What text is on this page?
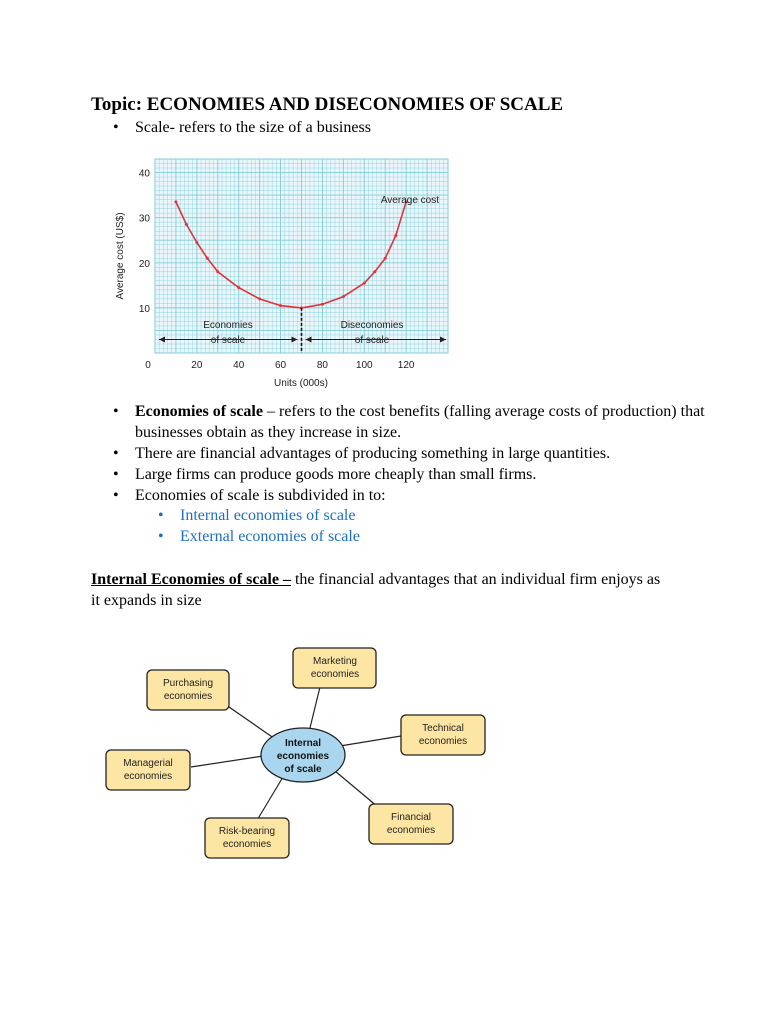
Topic: ECONOMIES AND DISECONOMIES OF SCALE
• Scale- refers to the size of a business
0	20	40	60	80	100	120
10
20
30
40
Average cost (US$)
Units (000s)
Average cost
Economies
of scale
Diseconomies
of scale
• Economies of scale – refers to the cost benefits (falling average costs of production) that businesses obtain as they increase in size.
• There are financial advantages of producing something in large quantities.
• Large firms can produce goods more cheaply than small firms.
• Economies of scale is subdivided in to:
• Internal economies of scale
• External economies of scale
Internal Economies of scale – the financial advantages that an individual firm enjoys as it expands in size
Internal
economies
of scale
Marketing
economies
Purchasing
economies
Technical
economies
Managerial
economies
Financial
economies
Risk-bearing
economies
